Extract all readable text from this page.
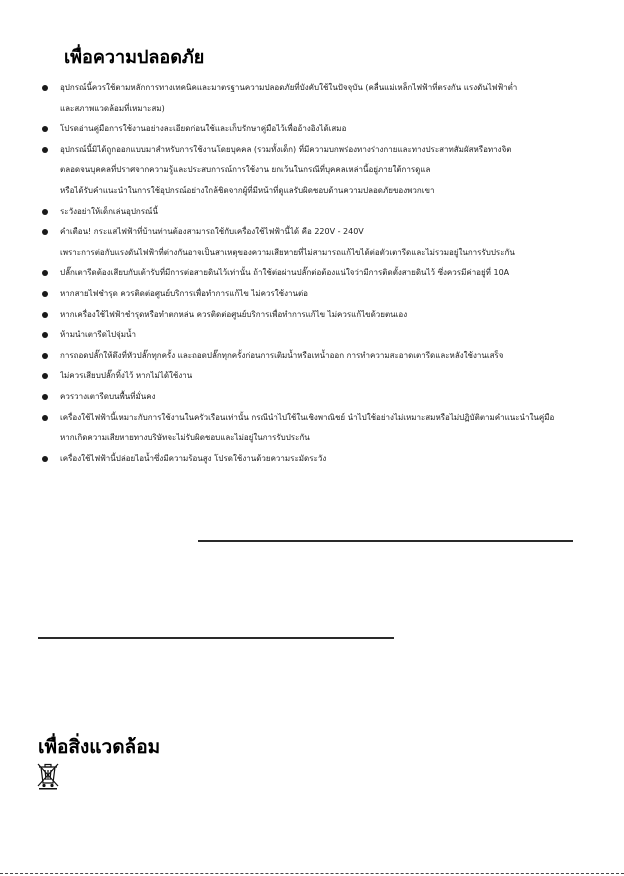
เพื่อความปลอดภัย
อุปกรณ์นี้ควรใช้ตามหลักการทางเทคนิคและมาตรฐานความปลอดภัยที่บังคับใช้ในปัจจุบัน (คลื่นแม่เหล็กไฟฟ้าที่ตรงกัน แรงดันไฟฟ้าต่ำ
และสภาพแวดล้อมที่เหมาะสม)
โปรดอ่านคู่มือการใช้งานอย่างละเอียดก่อนใช้และเก็บรักษาคู่มือไว้เพื่ออ้างอิงได้เสมอ
อุปกรณ์นี้มิได้ถูกออกแบบมาสำหรับการใช้งานโดยบุคคล (รวมทั้งเด็ก) ที่มีความบกพร่องทางร่างกายและทางประสาทสัมผัสหรือทางจิต
ตลอดจนบุคคลที่ปราศจากความรู้และประสบการณ์การใช้งาน ยกเว้นในกรณีที่บุคคลเหล่านี้อยู่ภายใต้การดูแล
หรือได้รับคำแนะนำในการใช้อุปกรณ์อย่างใกล้ชิดจากผู้ที่มีหน้าที่ดูแลรับผิดชอบด้านความปลอดภัยของพวกเขา
ระวังอย่าให้เด็กเล่นอุปกรณ์นี้
คำเตือน! กระแสไฟฟ้าที่บ้านท่านต้องสามารถใช้กับเครื่องใช้ไฟฟ้านี้ได้ คือ 220V - 240V
เพราะการต่อกับแรงดันไฟฟ้าที่ต่างกันอาจเป็นสาเหตุของความเสียหายที่ไม่สามารถแก้ไขได้ต่อตัวเตารีดและไม่รวมอยู่ในการรับประกัน
ปลั๊กเตารีดต้องเสียบกับเต้ารับที่มีการต่อสายดินไว้เท่านั้น ถ้าใช้ต่อผ่านปลั๊กต่อต้องแน่ใจว่ามีการติดตั้งสายดินไว้ ซึ่งควรมีค่าอยู่ที่ 10A
หากสายไฟชำรุด ควรติดต่อศูนย์บริการเพื่อทำการแก้ไข ไม่ควรใช้งานต่อ
หากเครื่องใช้ไฟฟ้าชำรุดหรือทำตกหล่น ควรติดต่อศูนย์บริการเพื่อทำการแก้ไข ไม่ควรแก้ไขด้วยตนเอง
ห้ามนำเตารีดไปจุ่มน้ำ
การถอดปลั๊กให้ดึงที่หัวปลั๊กทุกครั้ง และถอดปลั๊กทุกครั้งก่อนการเติมน้ำหรือเทน้ำออก การทำความสะอาดเตารีดและหลังใช้งานเสร็จ
ไม่ควรเสียบปลั๊กทิ้งไว้ หากไม่ได้ใช้งาน
ควรวางเตารีดบนพื้นที่มั่นคง
เครื่องใช้ไฟฟ้านี้เหมาะกับการใช้งานในครัวเรือนเท่านั้น กรณีนำไปใช้ในเชิงพาณิชย์ นำไปใช้อย่างไม่เหมาะสมหรือไม่ปฏิบัติตามคำแนะนำในคู่มือ
หากเกิดความเสียหายทางบริษัทจะไม่รับผิดชอบและไม่อยู่ในการรับประกัน
เครื่องใช้ไฟฟ้านี้ปล่อยไอน้ำซึ่งมีความร้อนสูง โปรดใช้งานด้วยความระมัดระวัง
เพื่อสิ่งแวดล้อม
